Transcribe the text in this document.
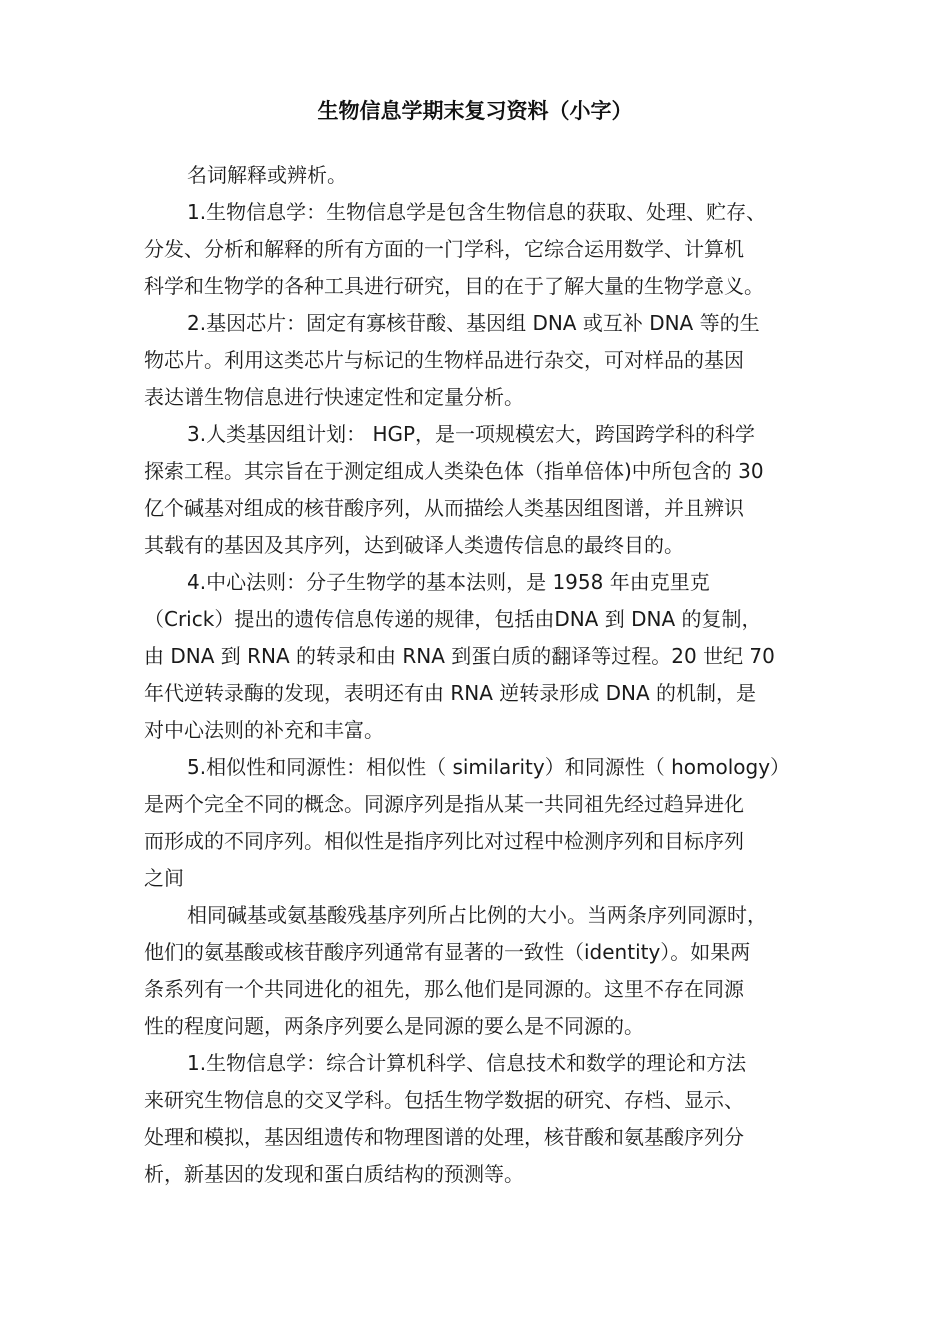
生物信息学期末复习资料（小字）
名词解释或辨析。
1.生物信息学：生物信息学是包含生物信息的获取、处理、贮存、
分发、分析和解释的所有方面的一门学科，它综合运用数学、计算机
科学和生物学的各种工具进行研究，目的在于了解大量的生物学意义。
2.基因芯片：固定有寡核苷酸、基因组 DNA 或互补 DNA 等的生
物芯片。利用这类芯片与标记的生物样品进行杂交，可对样品的基因
表达谱生物信息进行快速定性和定量分析。
3.人类基因组计划： HGP，是一项规模宏大，跨国跨学科的科学
探索工程。其宗旨在于测定组成人类染色体（指单倍体)中所包含的 30
亿个碱基对组成的核苷酸序列，从而描绘人类基因组图谱，并且辨识
其载有的基因及其序列，达到破译人类遗传信息的最终目的。
4.中心法则：分子生物学的基本法则，是 1958 年由克里克
（Crick）提出的遗传信息传递的规律，包括由DNA 到 DNA 的复制，
由 DNA 到 RNA 的转录和由 RNA 到蛋白质的翻译等过程。20 世纪 70
年代逆转录酶的发现，表明还有由 RNA 逆转录形成 DNA 的机制，是
对中心法则的补充和丰富。
5.相似性和同源性：相似性（ similarity）和同源性（ homology）
是两个完全不同的概念。同源序列是指从某一共同祖先经过趋异进化
而形成的不同序列。相似性是指序列比对过程中检测序列和目标序列
之间
相同碱基或氨基酸残基序列所占比例的大小。当两条序列同源时，
他们的氨基酸或核苷酸序列通常有显著的一致性（identity）。如果两
条系列有一个共同进化的祖先，那么他们是同源的。这里不存在同源
性的程度问题，两条序列要么是同源的要么是不同源的。
1.生物信息学：综合计算机科学、信息技术和数学的理论和方法
来研究生物信息的交叉学科。包括生物学数据的研究、存档、显示、
处理和模拟，基因组遗传和物理图谱的处理，核苷酸和氨基酸序列分
析，新基因的发现和蛋白质结构的预测等。
